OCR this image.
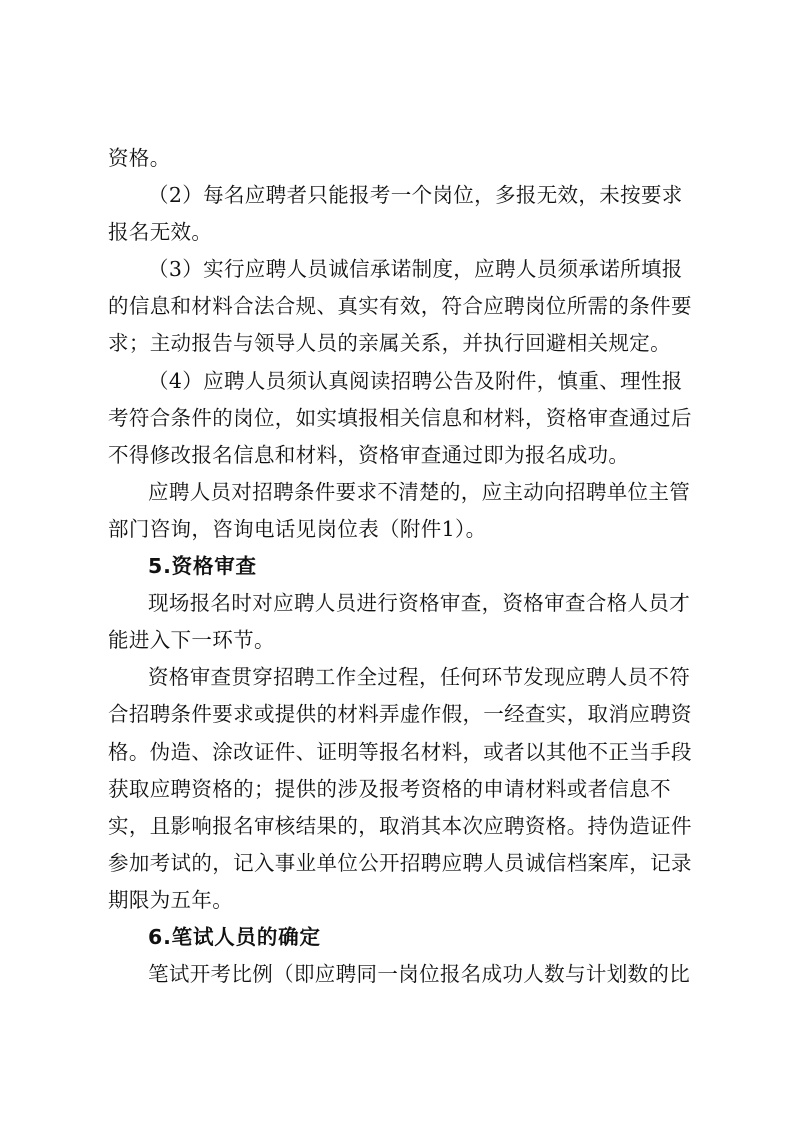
资格。
（2）每名应聘者只能报考一个岗位，多报无效，未按要求
报名无效。
（3）实行应聘人员诚信承诺制度，应聘人员须承诺所填报
的信息和材料合法合规、真实有效，符合应聘岗位所需的条件要
求；主动报告与领导人员的亲属关系，并执行回避相关规定。
（4）应聘人员须认真阅读招聘公告及附件，慎重、理性报
考符合条件的岗位，如实填报相关信息和材料，资格审查通过后
不得修改报名信息和材料，资格审查通过即为报名成功。
应聘人员对招聘条件要求不清楚的，应主动向招聘单位主管
部门咨询，咨询电话见岗位表（附件1）。
5.资格审查
现场报名时对应聘人员进行资格审查，资格审查合格人员才
能进入下一环节。
资格审查贯穿招聘工作全过程，任何环节发现应聘人员不符
合招聘条件要求或提供的材料弄虚作假，一经查实，取消应聘资
格。伪造、涂改证件、证明等报名材料，或者以其他不正当手段
获取应聘资格的；提供的涉及报考资格的申请材料或者信息不
实，且影响报名审核结果的，取消其本次应聘资格。持伪造证件
参加考试的，记入事业单位公开招聘应聘人员诚信档案库，记录
期限为五年。
6.笔试人员的确定
笔试开考比例（即应聘同一岗位报名成功人数与计划数的比
